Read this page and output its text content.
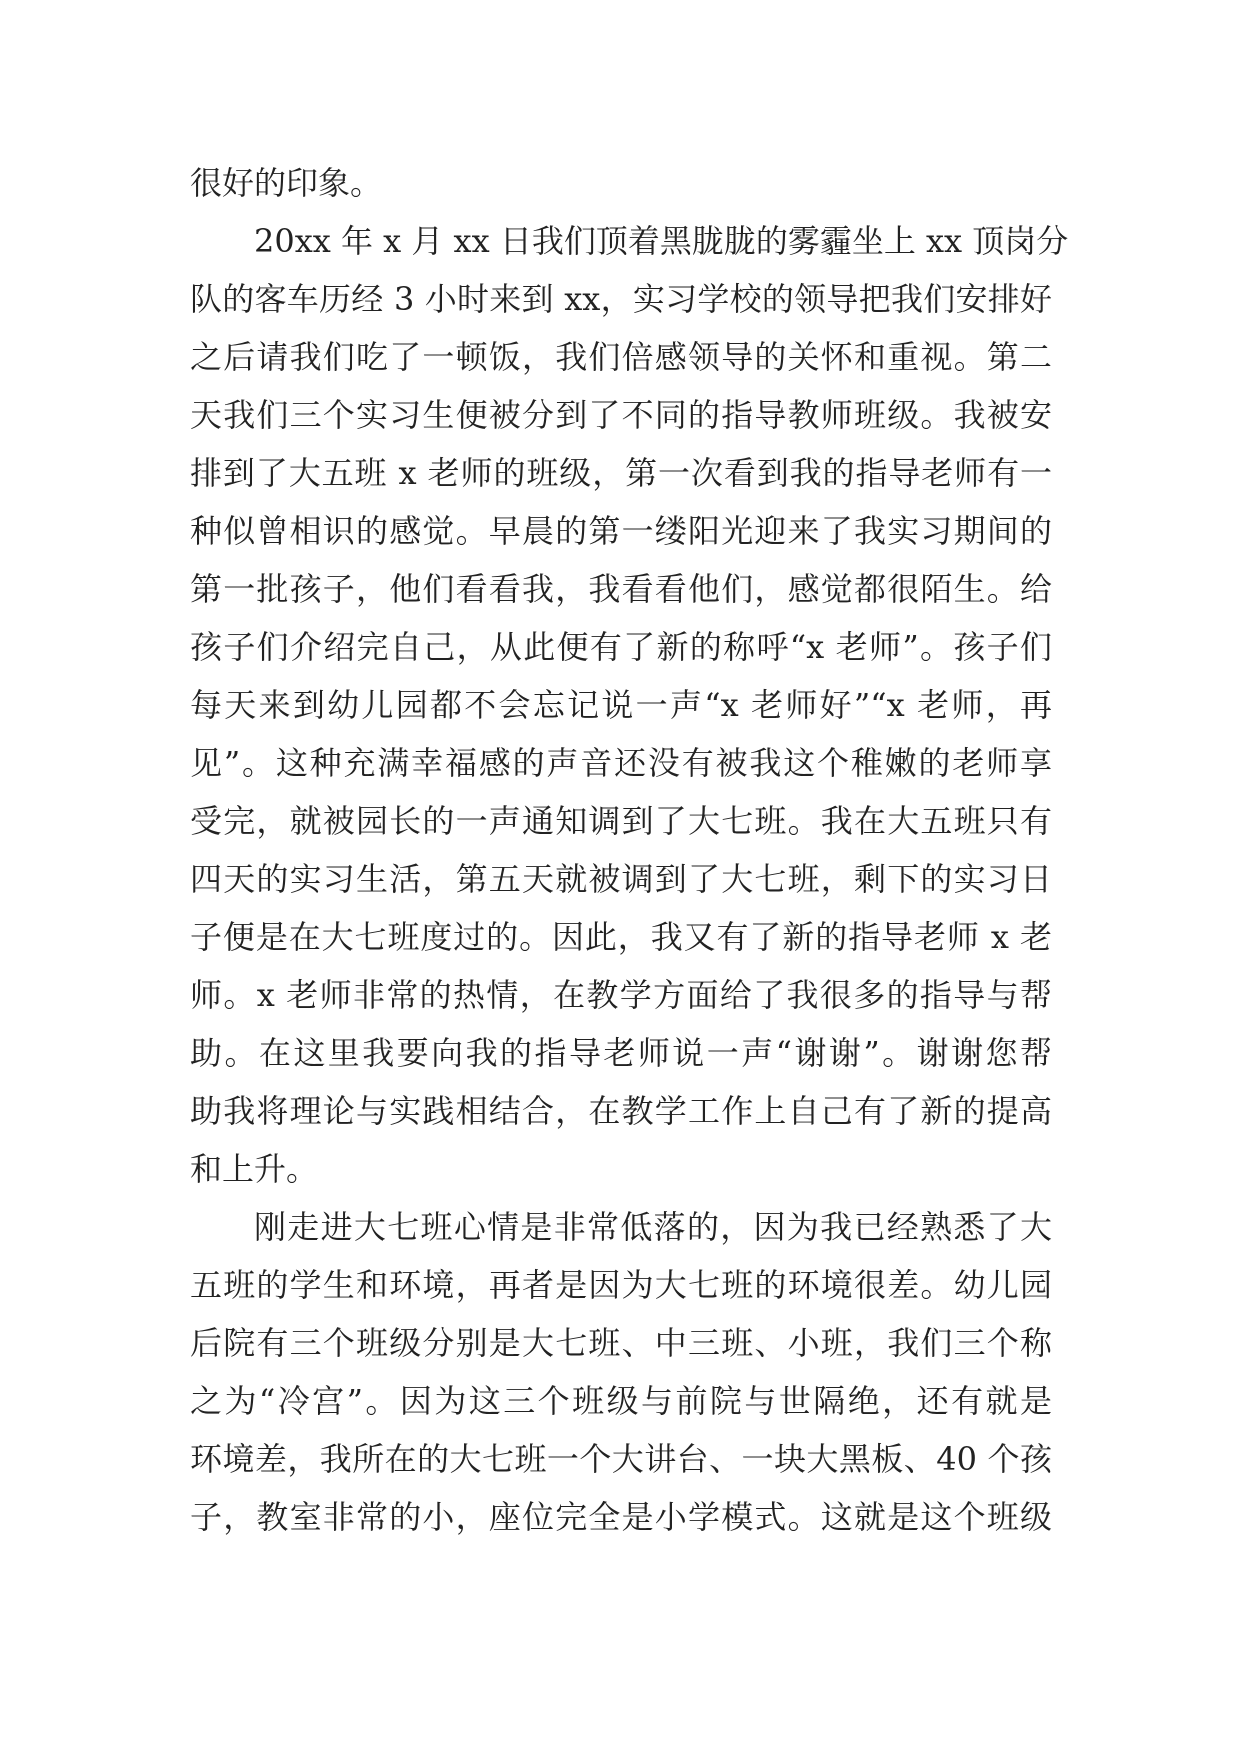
很好的印象。
20xx 年 x 月 xx 日我们顶着黑胧胧的雾霾坐上 xx 顶岗分
队的客车历经 3 小时来到 xx，实习学校的领导把我们安排好
之后请我们吃了一顿饭，我们倍感领导的关怀和重视。第二
天我们三个实习生便被分到了不同的指导教师班级。我被安
排到了大五班 x 老师的班级，第一次看到我的指导老师有一
种似曾相识的感觉。早晨的第一缕阳光迎来了我实习期间的
第一批孩子，他们看看我，我看看他们，感觉都很陌生。给
孩子们介绍完自己，从此便有了新的称呼“x 老师”。孩子们
每天来到幼儿园都不会忘记说一声“x 老师好”“x 老师，再
见”。这种充满幸福感的声音还没有被我这个稚嫩的老师享
受完，就被园长的一声通知调到了大七班。我在大五班只有
四天的实习生活，第五天就被调到了大七班，剩下的实习日
子便是在大七班度过的。因此，我又有了新的指导老师 x 老
师。x 老师非常的热情，在教学方面给了我很多的指导与帮
助。在这里我要向我的指导老师说一声“谢谢”。谢谢您帮
助我将理论与实践相结合，在教学工作上自己有了新的提高
和上升。
刚走进大七班心情是非常低落的，因为我已经熟悉了大
五班的学生和环境，再者是因为大七班的环境很差。幼儿园
后院有三个班级分别是大七班、中三班、小班，我们三个称
之为“冷宫”。因为这三个班级与前院与世隔绝，还有就是
环境差，我所在的大七班一个大讲台、一块大黑板、40 个孩
子，教室非常的小，座位完全是小学模式。这就是这个班级
